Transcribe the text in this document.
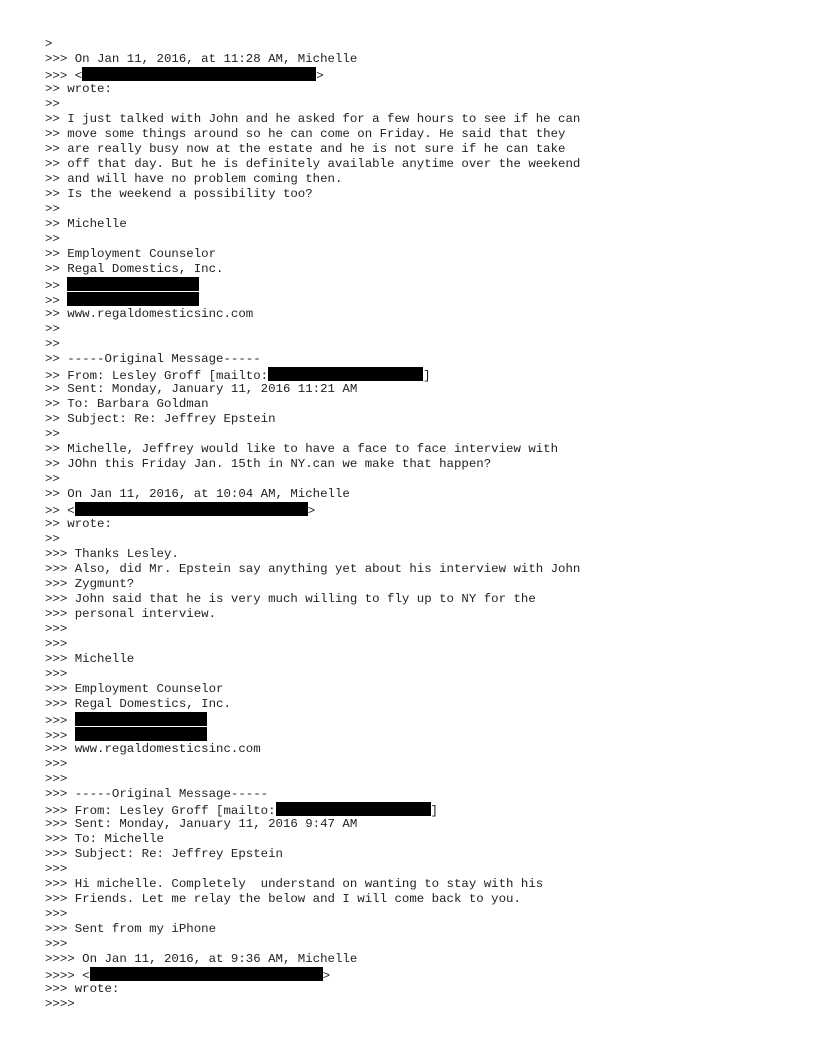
>
>>> On Jan 11, 2016, at 11:28 AM, Michelle
>>> <	>
>> wrote:
>>
>> I just talked with John and he asked for a few hours to see if he can
>> move some things around so he can come on Friday. He said that they
>> are really busy now at the estate and he is not sure if he can take
>> off that day. But he is definitely available anytime over the weekend
>> and will have no problem coming then.
>> Is the weekend a possibility too?
>>
>> Michelle
>>
>> Employment Counselor
>> Regal Domestics, Inc.
>>
>>
>> www.regaldomesticsinc.com
>>
>>
>> -----Original Message-----
>> From: Lesley Groff [mailto:	]
>> Sent: Monday, January 11, 2016 11:21 AM
>> To: Barbara Goldman
>> Subject: Re: Jeffrey Epstein
>>
>> Michelle, Jeffrey would like to have a face to face interview with
>> JOhn this Friday Jan. 15th in NY.can we make that happen?
>>
>> On Jan 11, 2016, at 10:04 AM, Michelle
>> <	>
>> wrote:
>>
>>> Thanks Lesley.
>>> Also, did Mr. Epstein say anything yet about his interview with John
>>> Zygmunt?
>>> John said that he is very much willing to fly up to NY for the
>>> personal interview.
>>>
>>>
>>> Michelle
>>>
>>> Employment Counselor
>>> Regal Domestics, Inc.
>>>
>>>
>>> www.regaldomesticsinc.com
>>>
>>>
>>> -----Original Message-----
>>> From: Lesley Groff [mailto:	]
>>> Sent: Monday, January 11, 2016 9:47 AM
>>> To: Michelle
>>> Subject: Re: Jeffrey Epstein
>>>
>>> Hi michelle. Completely  understand on wanting to stay with his
>>> Friends. Let me relay the below and I will come back to you.
>>>
>>> Sent from my iPhone
>>>
>>>> On Jan 11, 2016, at 9:36 AM, Michelle
>>>> <	>
>>> wrote:
>>>>
